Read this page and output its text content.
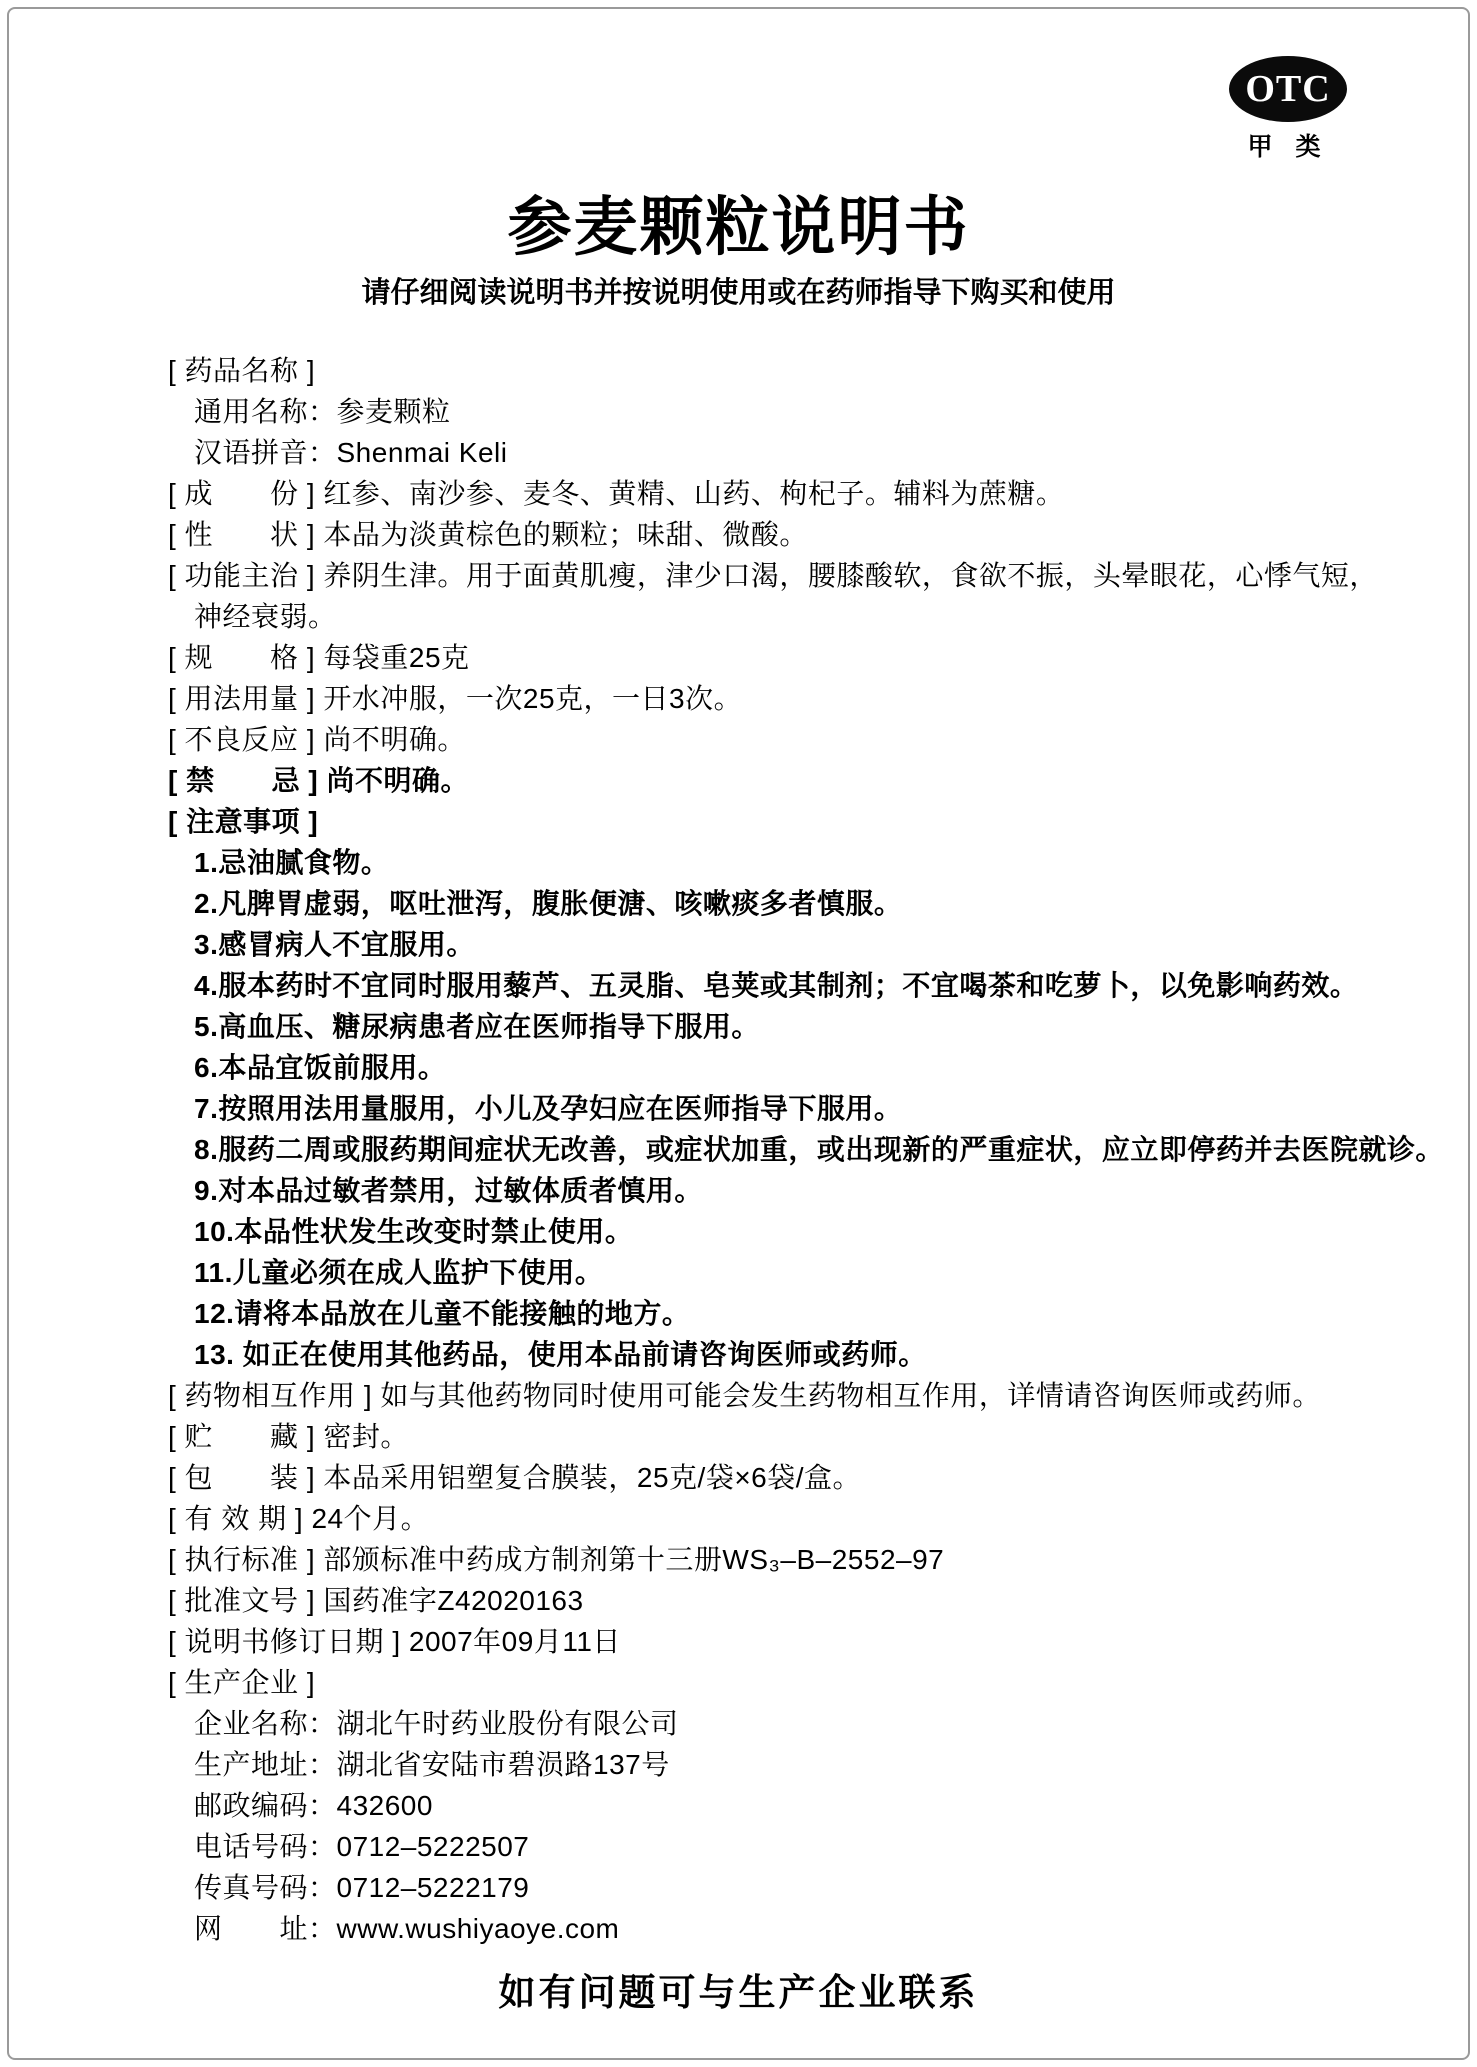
OTC
甲 类
参麦颗粒说明书
请仔细阅读说明书并按说明使用或在药师指导下购买和使用
[ 药品名称 ]
通用名称：参麦颗粒
汉语拼音：Shenmai Keli
[ 成　　份 ] 红参、南沙参、麦冬、黄精、山药、枸杞子。辅料为蔗糖。
[ 性　　状 ] 本品为淡黄棕色的颗粒；味甜、微酸。
[ 功能主治 ] 养阴生津。用于面黄肌瘦，津少口渴，腰膝酸软，食欲不振，头晕眼花，心悸气短，
神经衰弱。
[ 规　　格 ] 每袋重25克
[ 用法用量 ] 开水冲服，一次25克，一日3次。
[ 不良反应 ] 尚不明确。
[ 禁　　忌 ] 尚不明确。
[ 注意事项 ]
1.忌油腻食物。
2.凡脾胃虚弱，呕吐泄泻，腹胀便溏、咳嗽痰多者慎服。
3.感冒病人不宜服用。
4.服本药时不宜同时服用藜芦、五灵脂、皂荚或其制剂；不宜喝茶和吃萝卜，以免影响药效。
5.高血压、糖尿病患者应在医师指导下服用。
6.本品宜饭前服用。
7.按照用法用量服用，小儿及孕妇应在医师指导下服用。
8.服药二周或服药期间症状无改善，或症状加重，或出现新的严重症状，应立即停药并去医院就诊。
9.对本品过敏者禁用，过敏体质者慎用。
10.本品性状发生改变时禁止使用。
11.儿童必须在成人监护下使用。
12.请将本品放在儿童不能接触的地方。
13. 如正在使用其他药品，使用本品前请咨询医师或药师。
[ 药物相互作用 ] 如与其他药物同时使用可能会发生药物相互作用，详情请咨询医师或药师。
[ 贮　　藏 ] 密封。
[ 包　　装 ] 本品采用铝塑复合膜装，25克/袋×6袋/盒。
[ 有 效 期 ] 24个月。
[ 执行标准 ] 部颁标准中药成方制剂第十三册WS₃–B–2552–97
[ 批准文号 ] 国药准字Z42020163
[ 说明书修订日期 ] 2007年09月11日
[ 生产企业 ]
企业名称：湖北午时药业股份有限公司
生产地址：湖北省安陆市碧涢路137号
邮政编码：432600
电话号码：0712–5222507
传真号码：0712–5222179
网　　址：www.wushiyaoye.com
如有问题可与生产企业联系
